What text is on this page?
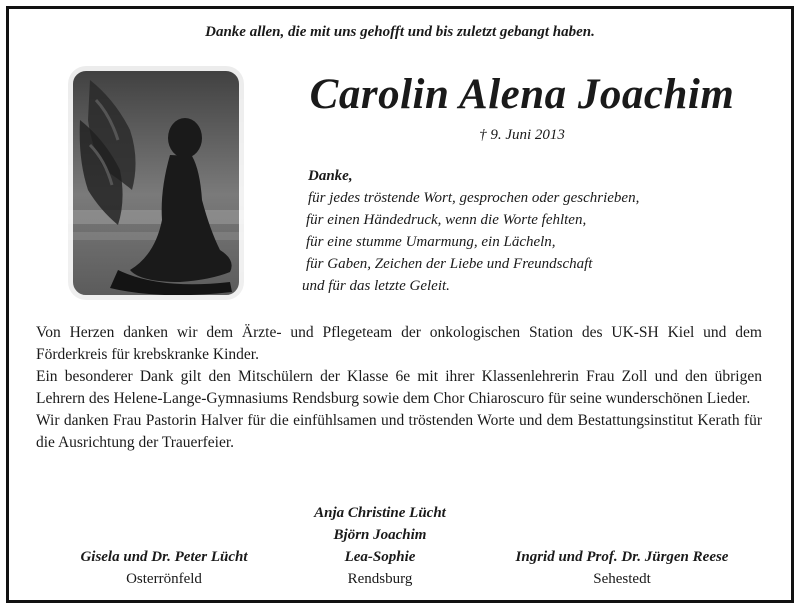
Danke allen, die mit uns gehofft und bis zuletzt gebangt haben.
Carolin Alena Joachim
† 9. Juni 2013
Danke,
für jedes tröstende Wort, gesprochen oder geschrieben,
für einen Händedruck, wenn die Worte fehlten,
für eine stumme Umarmung, ein Lächeln,
für Gaben, Zeichen der Liebe und Freundschaft
und für das letzte Geleit.

Von Herzen danken wir dem Ärzte- und Pflegeteam der onkologischen Station des UK-SH Kiel und dem Förderkreis für krebskranke Kinder.

Ein besonderer Dank gilt den Mitschülern der Klasse 6e mit ihrer Klassenlehrerin Frau Zoll und den übrigen Lehrern des Helene-Lange-Gymnasiums Rendsburg sowie dem Chor Chiaroscuro für seine wunderschönen Lieder.

Wir danken Frau Pastorin Halver für die einfühlsamen und tröstenden Worte und dem Bestattungsinstitut Kerath für die Ausrichtung der Trauerfeier.

Gisela und Dr. Peter Lücht
Osterrönfeld
Anja Christine Lücht
Björn Joachim
Lea-Sophie
Rendsburg
Ingrid und Prof. Dr. Jürgen Reese
Sehestedt
